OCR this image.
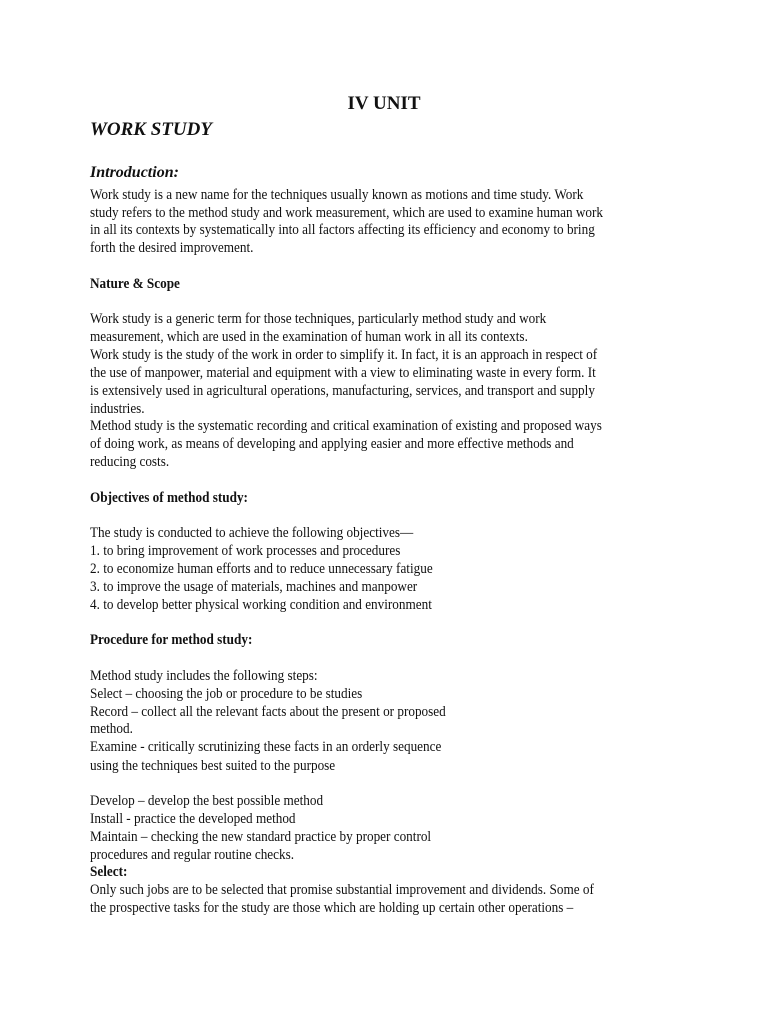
IV UNIT
WORK STUDY
Introduction:
Work study is a new name for the techniques usually known as motions and time study. Work
study refers to the method study and work measurement, which are used to examine human work
in all its contexts by systematically into all factors affecting its efficiency and economy to bring
forth the desired improvement.
Nature & Scope
Work study is a generic term for those techniques, particularly method study and work
measurement, which are used in the examination of human work in all its contexts.
Work study is the study of the work in order to simplify it. In fact, it is an approach in respect of
the use of manpower, material and equipment with a view to eliminating waste in every form. It
is extensively used in agricultural operations, manufacturing, services, and transport and supply
industries.
Method study is the systematic recording and critical examination of existing and proposed ways
of doing work, as means of developing and applying easier and more effective methods and
reducing costs.
Objectives of method study:
The study is conducted to achieve the following objectives—
1. to bring improvement of work processes and procedures
2. to economize human efforts and to reduce unnecessary fatigue
3. to improve the usage of materials, machines and manpower
4. to develop better physical working condition and environment
Procedure for method study:
Method study includes the following steps:
Select – choosing the job or procedure to be studies
Record – collect all the relevant facts about the present or proposed
method.
Examine - critically scrutinizing these facts in an orderly sequence
using the techniques best suited to the purpose
Develop – develop the best possible method
Install - practice the developed method
Maintain – checking the new standard practice by proper control
procedures and regular routine checks.
Select:
Only such jobs are to be selected that promise substantial improvement and dividends. Some of
the prospective tasks for the study are those which are holding up certain other operations –
